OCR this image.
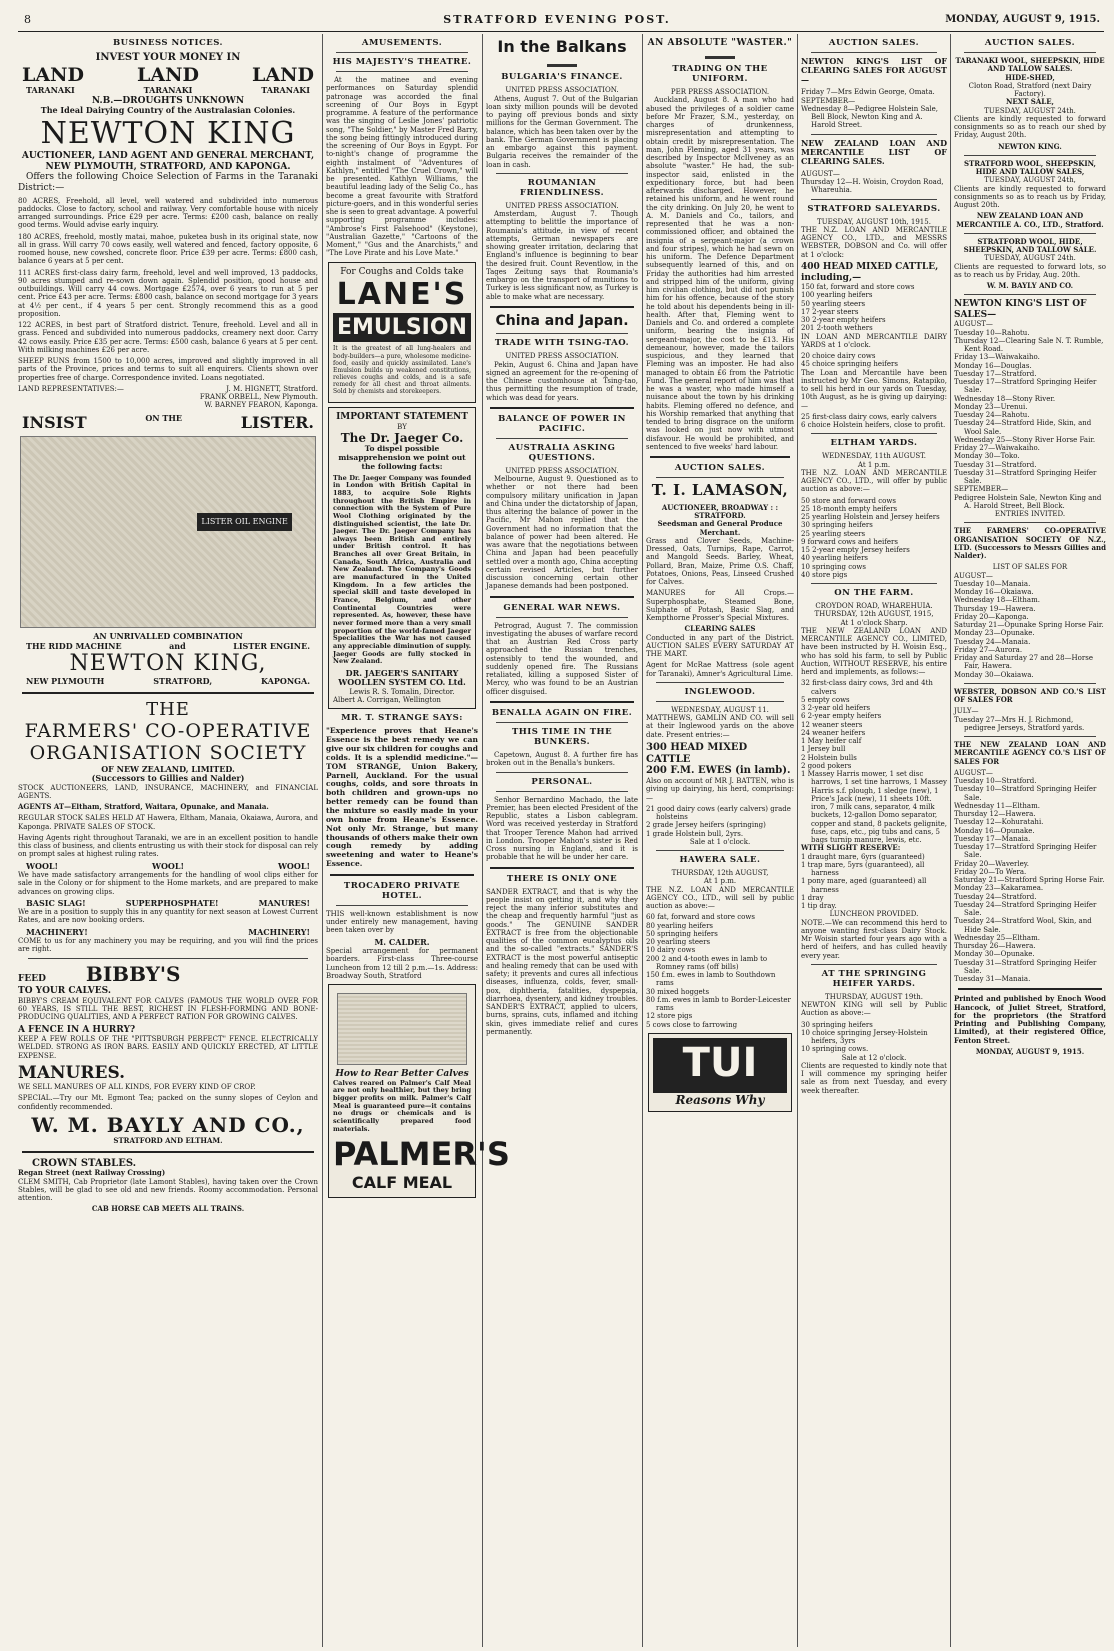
8	STRATFORD EVENING POST.	MONDAY, AUGUST 9, 1915.
BUSINESS NOTICES.
INVEST YOUR MONEY IN
LAND	LAND	LAND
TARANAKI	TARANAKI	TARANAKI
N.B.—DROUGHTS UNKNOWN
The Ideal Dairying Country of the Australasian Colonies.
NEWTON KING
AUCTIONEER, LAND AGENT AND GENERAL MERCHANT,
NEW PLYMOUTH, STRATFORD, AND KAPONGA.

Offers the following Choice Selection of Farms in the Taranaki District:—

80 ACRES, Freehold, all level, well watered and subdivided into numerous paddocks. Close to factory, school and railway. Very comfortable house with nicely arranged surroundings. Price £29 per acre. Terms: £200 cash, balance on really good terms. Would advise early inquiry.

180 ACRES, freehold, mostly matai, mahoe, puketea bush in its original state, now all in grass. Will carry 70 cows easily, well watered and fenced, factory opposite, 6 roomed house, new cowshed, concrete floor. Price £39 per acre. Terms: £800 cash, balance 6 years at 5 per cent.

111 ACRES first-class dairy farm, freehold, level and well improved, 13 paddocks, 90 acres stumped and re-sown down again. Splendid position, good house and outbuildings. Will carry 44 cows. Mortgage £2574, over 6 years to run at 5 per cent. Price £43 per acre. Terms: £800 cash, balance on second mortgage for 3 years at 4½ per cent., if 4 years 5 per cent. Strongly recommend this as a good proposition.

122 ACRES, in best part of Stratford district. Tenure, freehold. Level and all in grass. Fenced and subdivided into numerous paddocks, creamery next door. Carry 42 cows easily. Price £35 per acre. Terms: £500 cash, balance 6 years at 5 per cent. With milking machines £26 per acre.

SHEEP RUNS from 1500 to 10,000 acres, improved and slightly improved in all parts of the Province, prices and terms to suit all enquirers. Clients shown over properties free of charge. Correspondence invited. Loans negotiated.

LAND REPRESENTATIVES:—	J. M. HIGNETT, Stratford.
FRANK ORBELL, New Plymouth.
W. BARNEY FEARON, Kaponga.
INSIST	ON THE	LISTER.
LISTER OIL ENGINE
AN UNRIVALLED COMBINATION
THE RIDD MACHINE	and	LISTER ENGINE.
NEWTON KING,
NEW PLYMOUTH	STRATFORD,	KAPONGA.
THE
FARMERS' CO-OPERATIVE
ORGANISATION SOCIETY
OF NEW ZEALAND, LIMITED.
(Successors to Gillies and Nalder)

STOCK AUCTIONEERS, LAND, INSURANCE, MACHINERY, and FINANCIAL AGENTS.

AGENTS AT—Eltham, Stratford, Waitara, Opunake, and Manaia.

REGULAR STOCK SALES HELD AT Hawera, Eltham, Manaia, Okaiawa, Aurora, and Kaponga. PRIVATE SALES OF STOCK.

Having Agents right throughout Taranaki, we are in an excellent position to handle this class of business, and clients entrusting us with their stock for disposal can rely on prompt sales at highest ruling rates.

WOOL!	WOOL!	WOOL!

We have made satisfactory arrangements for the handling of wool clips either for sale in the Colony or for shipment to the Home markets, and are prepared to make advances on growing clips.

BASIC SLAG!	SUPERPHOSPHATE!	MANURES!

We are in a position to supply this in any quantity for next season at Lowest Current Rates, and are now booking orders.

MACHINERY!	MACHINERY!

COME to us for any machinery you may be requiring, and you will find the prices are right.

FEED BIBBY'S
TO YOUR CALVES.

BIBBY'S CREAM EQUIVALENT FOR CALVES (FAMOUS THE WORLD OVER FOR 60 YEARS, IS STILL THE BEST, RICHEST IN FLESH-FORMING AND BONE-PRODUCING QUALITIES, AND A PERFECT RATION FOR GROWING CALVES.

A FENCE IN A HURRY?

KEEP A FEW ROLLS OF THE "PITTSBURGH PERFECT" FENCE. ELECTRICALLY WELDED. STRONG AS IRON BARS. EASILY AND QUICKLY ERECTED, AT LITTLE EXPENSE.

MANURES.

WE SELL MANURES OF ALL KINDS, FOR EVERY KIND OF CROP.

SPECIAL.—Try our Mt. Egmont Tea; packed on the sunny slopes of Ceylon and confidently recommended.

W. M. BAYLY AND CO.,
STRATFORD AND ELTHAM.
CROWN STABLES.
Regan Street (next Railway Crossing)

CLEM SMITH, Cab Proprietor (late Lamont Stables), having taken over the Crown Stables, will be glad to see old and new friends. Roomy accommodation. Personal attention.

CAB HORSE CAB MEETS ALL TRAINS.
AMUSEMENTS.
HIS MAJESTY'S THEATRE.

At the matinee and evening performances on Saturday splendid patronage was accorded the final screening of Our Boys in Egypt programme. A feature of the performance was the singing of Leslie Jones' patriotic song, "The Soldier," by Master Fred Barry, the song being fittingly introduced during the screening of Our Boys in Egypt. For to-night's change of programme the eighth instalment of "Adventures of Kathlyn," entitled "The Cruel Crown," will be presented. Kathlyn Williams, the beautiful leading lady of the Selig Co., has become a great favourite with Stratford picture-goers, and in this wonderful series she is seen to great advantage. A powerful supporting programme includes: "Ambrose's First Falsehood" (Keystone), "Australian Gazette," "Cartoons of the Moment," "Gus and the Anarchists," and "The Love Pirate and his Love Mate."

For Coughs and Colds take
LANE'S
EMULSION

It is the greatest of all lung-healers and body-builders—a pure, wholesome medicine-food, easily and quickly assimilated. Lane's Emulsion builds up weakened constitutions, relieves coughs and colds, and is a safe remedy for all chest and throat ailments. Sold by chemists and storekeepers.

IMPORTANT STATEMENT
BY
The Dr. Jaeger Co.

To dispel possible misapprehension we point out the following facts:

The Dr. Jaeger Company was founded in London with British Capital in 1883, to acquire Sole Rights throughout the British Empire in connection with the System of Pure Wool Clothing originated by the distinguished scientist, the late Dr. Jaeger. The Dr. Jaeger Company has always been British and entirely under British control. It has Branches all over Great Britain, in Canada, South Africa, Australia and New Zealand. The Company's Goods are manufactured in the United Kingdom. In a few articles the special skill and taste developed in France, Belgium, and other Continental Countries were represented. As, however, these have never formed more than a very small proportion of the world-famed Jaeger Specialities the War has not caused any appreciable diminution of supply. Jaeger Goods are fully stocked in New Zealand.

DR. JAEGER'S SANITARY WOOLLEN SYSTEM CO. Ltd.
Lewis R. S. Tomalin, Director.
Albert A. Corrigan, Wellington
MR. T. STRANGE SAYS:

"Experience proves that Heane's Essence is the best remedy we can give our six children for coughs and colds. It is a splendid medicine."—TOM STRANGE, Union Bakery, Parnell, Auckland. For the usual coughs, colds, and sore throats in both children and grown-ups no better remedy can be found than the mixture so easily made in your own home from Heane's Essence. Not only Mr. Strange, but many thousands of others make their own cough remedy by adding sweetening and water to Heane's Essence.

TROCADERO PRIVATE HOTEL.

THIS well-known establishment is now under entirely new management, having been taken over by

M. CALDER.

Special arrangement for permanent boarders. First-class Three-course Luncheon from 12 till 2 p.m.—1s. Address: Broadway South, Stratford

How to Rear Better Calves

Calves reared on Palmer's Calf Meal are not only healthier, but they bring bigger profits on milk. Palmer's Calf Meal is guaranteed pure—it contains no drugs or chemicals and is scientifically prepared food materials.

PALMER'S
CALF MEAL
In the Balkans
BULGARIA'S FINANCE.
UNITED PRESS ASSOCIATION.

Athens, August 7. Out of the Bulgarian loan sixty million pounds will be devoted to paying off previous bonds and sixty millions for the German Government. The balance, which has been taken over by the bank. The German Government is placing an embargo against this payment. Bulgaria receives the remainder of the loan in cash.

ROUMANIAN FRIENDLINESS.
UNITED PRESS ASSOCIATION.

Amsterdam, August 7. Though attempting to belittle the importance of Roumania's attitude, in view of recent attempts, German newspapers are showing greater irritation, declaring that England's influence is beginning to bear the desired fruit. Count Reventlow, in the Tages Zeitung says that Roumania's embargo on the transport of munitions to Turkey is less significant now, as Turkey is able to make what are necessary.

China and Japan.
TRADE WITH TSING-TAO.
UNITED PRESS ASSOCIATION.

Pekin, August 6. China and Japan have signed an agreement for the re-opening of the Chinese customhouse at Tsing-tao, thus permitting the resumption of trade, which was dead for years.

BALANCE OF POWER IN PACIFIC.
AUSTRALIA ASKING QUESTIONS.
UNITED PRESS ASSOCIATION.

Melbourne, August 9. Questioned as to whether or not there had been compulsory military unification in Japan and China under the dictatorship of Japan, thus altering the balance of power in the Pacific, Mr Mahon replied that the Government had no information that the balance of power had been altered. He was aware that the negotiations between China and Japan had been peacefully settled over a month ago, China accepting certain revised Articles, but further discussion concerning certain other Japanese demands had been postponed.

GENERAL WAR NEWS.

Petrograd, August 7. The commission investigating the abuses of warfare record that an Austrian Red Cross party approached the Russian trenches, ostensibly to tend the wounded, and suddenly opened fire. The Russians retaliated, killing a supposed Sister of Mercy, who was found to be an Austrian officer disguised.

BENALLA AGAIN ON FIRE.
THIS TIME IN THE BUNKERS.

Capetown, August 8. A further fire has broken out in the Benalla's bunkers.

PERSONAL.

Senhor Bernardino Machado, the late Premier, has been elected President of the Republic, states a Lisbon cablegram. Word was received yesterday in Stratford that Trooper Terence Mahon had arrived in London. Trooper Mahon's sister is Red Cross nursing in England, and it is probable that he will be under her care.

THERE IS ONLY ONE

SANDER EXTRACT, and that is why the people insist on getting it, and why they reject the many inferior substitutes and the cheap and frequently harmful "just as goods." The GENUINE SANDER EXTRACT is free from the objectionable qualities of the common eucalyptus oils and the so-called "extracts." SANDER'S EXTRACT is the most powerful antiseptic and healing remedy that can be used with safety; it prevents and cures all infectious diseases, influenza, colds, fever, small-pox, diphtheria, fatalities, dyspepsia, diarrhoea, dysentery, and kidney troubles. SANDER'S EXTRACT, applied to ulcers, burns, sprains, cuts, inflamed and itching skin, gives immediate relief and cures permanently.

AN ABSOLUTE "WASTER."
TRADING ON THE UNIFORM.
PER PRESS ASSOCIATION.

Auckland, August 8. A man who had abused the privileges of a soldier came before Mr Frazer, S.M., yesterday, on charges of drunkenness, misrepresentation and attempting to obtain credit by misrepresentation. The man, John Fleming, aged 31 years, was described by Inspector McIlveney as an absolute "waster." He had, the sub-inspector said, enlisted in the expeditionary force, but had been afterwards discharged. However, he retained his uniform, and he went round the city drinking. On July 20, he went to A. M. Daniels and Co., tailors, and represented that he was a non-commissioned officer, and obtained the insignia of a sergeant-major (a crown and four stripes), which he had sewn on his uniform. The Defence Department subsequently learned of this, and on Friday the authorities had him arrested and stripped him of the uniform, giving him civilian clothing, but did not punish him for his offence, because of the story he told about his dependents being in ill-health. After that, Fleming went to Daniels and Co. and ordered a complete uniform, bearing the insignia of sergeant-major, the cost to be £13. His demeanour, however, made the tailors suspicious, and they learned that Fleming was an imposter. He had also managed to obtain £6 from the Patriotic Fund. The general report of him was that he was a waster, who made himself a nuisance about the town by his drinking habits. Fleming offered no defence, and his Worship remarked that anything that tended to bring disgrace on the uniform was looked on just now with utmost disfavour. He would be prohibited, and sentenced to five weeks' hard labour.

AUCTION SALES.
T. I. LAMASON,
AUCTIONEER, BROADWAY : : STRATFORD.
Seedsman and General Produce Merchant.

Grass and Clover Seeds, Machine-Dressed, Oats, Turnips, Rape, Carrot, and Mangold Seeds. Barley, Wheat, Pollard, Bran, Maize, Prime O.S. Chaff, Potatoes, Onions, Peas, Linseed Crushed for Calves.

MANURES for All Crops.—Superphosphate, Steamed Bone, Sulphate of Potash, Basic Slag, and Kempthorne Prosser's Special Mixtures.

CLEARING SALES

Conducted in any part of the District. AUCTION SALES EVERY SATURDAY AT THE MART.

Agent for McRae Mattress (sole agent for Taranaki), Amner's Agricultural Lime.

INGLEWOOD.
WEDNESDAY, AUGUST 11.

MATTHEWS, GAMLIN AND CO. will sell at their Inglewood yards on the above date. Present entries:—

300 HEAD MIXED CATTLE
200 F.M. EWES (in lamb).

Also on account of MR J. BATTEN, who is giving up dairying, his herd, comprising:—

21 good dairy cows (early calvers) grade holsteins

2 grade Jersey heifers (springing)

1 grade Holstein bull, 2yrs.

Sale at 1 o'clock.
HAWERA SALE.
THURSDAY, 12th AUGUST,
At 1 p.m.

THE N.Z. LOAN AND MERCANTILE AGENCY CO., LTD., will sell by public auction as above:—

60 fat, forward and store cows

80 yearling heifers

50 springing heifers

20 yearling steers

10 dairy cows

200 2 and 4-tooth ewes in lamb to Romney rams (off bills)

150 f.m. ewes in lamb to Southdown rams

30 mixed hoggets

80 f.m. ewes in lamb to Border-Leicester rams

12 store pigs

5 cows close to farrowing

TUI
Reasons Why
AUCTION SALES.

NEWTON KING'S LIST OF CLEARING SALES FOR AUGUST—

Friday 7—Mrs Edwin George, Omata.

SEPTEMBER—

Wednesday 8—Pedigree Holstein Sale, Bell Block, Newton King and A. Harold Street.

NEW ZEALAND LOAN AND MERCANTILE LIST OF CLEARING SALES.

AUGUST—

Thursday 12—H. Woisin, Croydon Road, Whareuhia.

STRATFORD SALEYARDS.
TUESDAY, AUGUST 10th, 1915.

THE N.Z. LOAN AND MERCANTILE AGENCY CO., LTD., and MESSRS WEBSTER, DOBSON and Co. will offer at 1 o'clock:

400 HEAD MIXED CATTLE, including,—

150 fat, forward and store cows

100 yearling heifers

50 yearling steers

17 2-year steers

30 2-year empty heifers

201 2-tooth wethers

IN LOAN AND MERCANTILE DAIRY YARDS at 1 o'clock.

20 choice dairy cows

45 choice springing heifers

The Loan and Mercantile have been instructed by Mr Geo. Simons, Ratapiko, to sell his herd in our yards on Tuesday, 10th August, as he is giving up dairying:—

25 first-class dairy cows, early calvers

6 choice Holstein heifers, close to profit.

ELTHAM YARDS.
WEDNESDAY, 11th AUGUST.
At 1 p.m.

THE N.Z. LOAN AND MERCANTILE AGENCY CO., LTD., will offer by public auction as above:—

50 store and forward cows

25 18-month empty heifers

25 yearling Holstein and Jersey heifers

30 springing heifers

25 yearling steers

9 forward cows and heifers

15 2-year empty Jersey heifers

40 yearling heifers

10 springing cows

40 store pigs

ON THE FARM.
CROYDON ROAD, WHAREHUIA.
THURSDAY, 12th AUGUST, 1915,
At 1 o'clock Sharp.

THE NEW ZEALAND LOAN AND MERCANTILE AGENCY CO., LIMITED, have been instructed by H. Woisin Esq., who has sold his farm, to sell by Public Auction, WITHOUT RESERVE, his entire herd and implements, as follows:—

32 first-class dairy cows, 3rd and 4th calvers

5 empty cows

3 2-year old heifers

6 2-year empty heifers

12 weaner steers

24 weaner heifers

1 May heifer calf

1 Jersey bull

2 Holstein bulls

2 good pokers

1 Massey Harris mower, 1 set disc harrows, 1 set tine harrows, 1 Massey Harris s.f. plough, 1 sledge (new), 1 Price's Jack (new), 11 sheets 10ft. iron, 7 milk cans, separator, 4 milk buckets, 12-gallon Domo separator, copper and stand, 8 packets gelignite, fuse, caps, etc., pig tubs and cans, 5 bags turnip manure, lewis, etc.

WITH SLIGHT RESERVE:

1 draught mare, 6yrs (guaranteed)

1 trap mare, 5yrs (guaranteed), all harness

1 pony mare, aged (guaranteed) all harness

1 dray

1 tip dray.

LUNCHEON PROVIDED.

NOTE.—We can recommend this herd to anyone wanting first-class Dairy Stock. Mr Woisin started four years ago with a herd of heifers, and has culled heavily every year.

AT THE SPRINGING HEIFER YARDS.
THURSDAY, AUGUST 19th.

NEWTON KING will sell by Public Auction as above:—

30 springing heifers

10 choice springing Jersey-Holstein heifers, 3yrs

10 springing cows.

Sale at 12 o'clock.

Clients are requested to kindly note that I will commence my springing heifer sale as from next Tuesday, and every week thereafter.

AUCTION SALES.
TARANAKI WOOL, SHEEPSKIN, HIDE AND TALLOW SALES.
HIDE-SHED,
Cloton Road, Stratford (next Dairy Factory).
NEXT SALE,
TUESDAY, AUGUST 24th.

Clients are kindly requested to forward consignments so as to reach our shed by Friday, August 20th.

NEWTON KING.
STRATFORD WOOL, SHEEPSKIN, HIDE AND TALLOW SALES,
TUESDAY, AUGUST 24th,

Clients are kindly requested to forward consignments so as to reach us by Friday, August 20th.

NEW ZEALAND LOAN AND MERCANTILE A. CO., LTD., Stratford.
STRATFORD WOOL, HIDE, SHEEPSKIN, AND TALLOW SALE.
TUESDAY, AUGUST 24th.

Clients are requested to forward lots, so as to reach us by Friday, Aug. 20th.

W. M. BAYLY AND CO.
NEWTON KING'S LIST OF SALES—

AUGUST—

Tuesday 10—Rahotu.

Thursday 12—Clearing Sale N. T. Rumble, Kent Road.

Friday 13—Waiwakaiho.

Monday 16—Douglas.

Tuesday 17—Stratford.

Tuesday 17—Stratford Springing Heifer Sale.

Wednesday 18—Stony River.

Monday 23—Urenui.

Tuesday 24—Rahotu.

Tuesday 24—Stratford Hide, Skin, and Wool Sale.

Wednesday 25—Stony River Horse Fair.

Friday 27—Waiwakaiho.

Monday 30—Toko.

Tuesday 31—Stratford.

Tuesday 31—Stratford Springing Heifer Sale.

SEPTEMBER—

Pedigree Holstein Sale, Newton King and A. Harold Street, Bell Block.

ENTRIES INVITED.

THE FARMERS' CO-OPERATIVE ORGANISATION SOCIETY OF N.Z., LTD. (Successors to Messrs Gillies and Nalder).

LIST OF SALES FOR

AUGUST—

Tuesday 10—Manaia.

Monday 16—Okaiawa.

Wednesday 18—Eltham.

Thursday 19—Hawera.

Friday 20—Kaponga.

Saturday 21—Opunake Spring Horse Fair.

Monday 23—Opunake.

Tuesday 24—Manaia.

Friday 27—Aurora.

Friday and Saturday 27 and 28—Horse Fair, Hawera.

Monday 30—Okaiawa.

WEBSTER, DOBSON AND CO.'S LIST OF SALES FOR

JULY—

Tuesday 27—Mrs H. J. Richmond, pedigree Jerseys, Stratford yards.

THE NEW ZEALAND LOAN AND MERCANTILE AGENCY CO.'S LIST OF SALES FOR

AUGUST—

Tuesday 10—Stratford.

Tuesday 10—Stratford Springing Heifer Sale.

Wednesday 11—Eltham.

Thursday 12—Hawera.

Tuesday 12—Kohuratahi.

Monday 16—Opunake.

Tuesday 17—Manaia.

Tuesday 17—Stratford Springing Heifer Sale.

Friday 20—Waverley.

Friday 20—To Wera.

Saturday 21—Stratford Spring Horse Fair.

Monday 23—Kakaramea.

Tuesday 24—Stratford.

Tuesday 24—Stratford Springing Heifer Sale.

Tuesday 24—Stratford Wool, Skin, and Hide Sale.

Wednesday 25—Eltham.

Thursday 26—Hawera.

Monday 30—Opunake.

Tuesday 31—Stratford Springing Heifer Sale.

Tuesday 31—Manaia.

Printed and published by Enoch Wood Hancock, of Juliet Street, Stratford, for the proprietors (the Stratford Printing and Publishing Company, Limited), at their registered Office, Fenton Street.

MONDAY, AUGUST 9, 1915.
